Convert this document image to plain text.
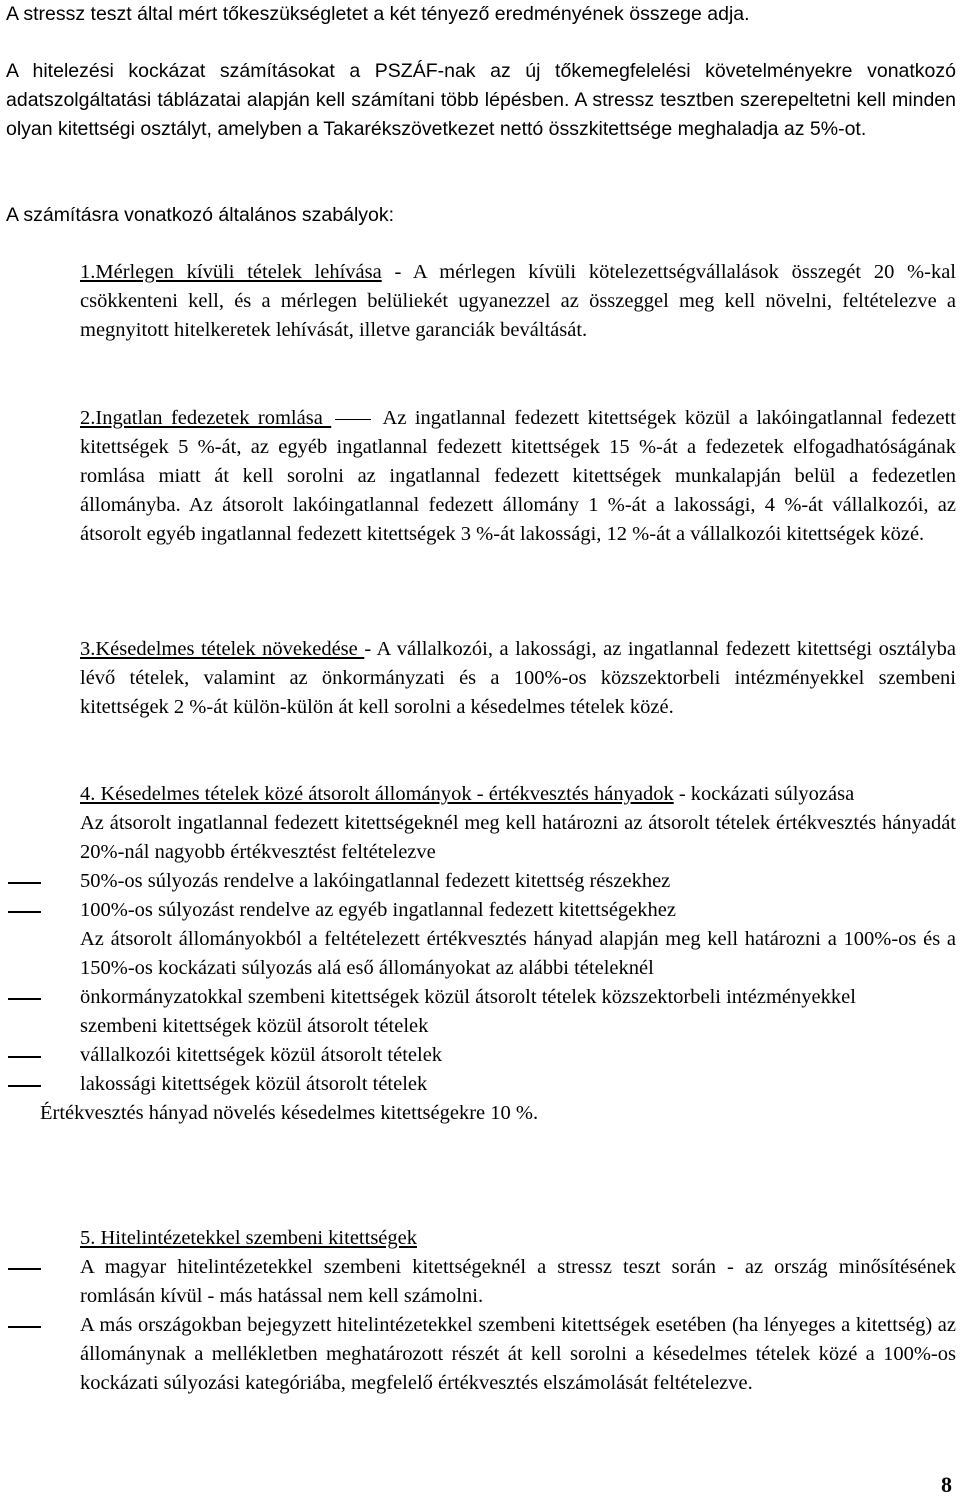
A stressz teszt által mért tőkeszükségletet a két tényező eredményének összege adja.

A hitelezési kockázat számításokat a PSZÁF-nak az új tőkemegfelelési követelményekre vonatkozó adatszolgáltatási táblázatai alapján kell számítani több lépésben. A stressz tesztben szerepeltetni kell minden olyan kitettségi osztályt, amelyben a Takarékszövetkezet nettó összkitettsége meghaladja az 5%-ot.

A számításra vonatkozó általános szabályok:

1.Mérlegen kívüli tételek lehívása - A mérlegen kívüli kötelezettségvállalások összegét 20 %-kal csökkenteni kell, és a mérlegen belüliekét ugyanezzel az összeggel meg kell növelni, feltételezve a megnyitott hitelkeretek lehívását, illetve garanciák beváltását.

2.Ingatlan fedezetek romlása  Az ingatlannal fedezett kitettségek közül a lakóingatlannal fedezett kitettségek 5 %-át, az egyéb ingatlannal fedezett kitettségek 15 %-át a fedezetek elfogadhatóságának romlása miatt át kell sorolni az ingatlannal fedezett kitettségek munkalapján belül a fedezetlen állományba. Az átsorolt lakóingatlannal fedezett állomány 1 %-át a lakossági, 4 %-át vállalkozói, az átsorolt egyéb ingatlannal fedezett kitettségek 3 %-át lakossági, 12 %-át a vállalkozói kitettségek közé.

3.Késedelmes tételek növekedése - A vállalkozói, a lakossági, az ingatlannal fedezett kitettségi osztályba lévő tételek, valamint az önkormányzati és a 100%-os közszektorbeli intézményekkel szembeni kitettségek 2 %-át külön-külön át kell sorolni a késedelmes tételek közé.

4. Késedelmes tételek közé átsorolt állományok - értékvesztés hányadok - kockázati súlyozása

Az átsorolt ingatlannal fedezett kitettségeknél meg kell határozni az átsorolt tételek értékvesztés hányadát 20%-nál nagyobb értékvesztést feltételezve

50%-os súlyozás rendelve a lakóingatlannal fedezett kitettség részekhez
100%-os súlyozást rendelve az egyéb ingatlannal fedezett kitettségekhez

Az átsorolt állományokból a feltételezett értékvesztés hányad alapján meg kell határozni a 100%-os és a 150%-os kockázati súlyozás alá eső állományokat az alábbi tételeknél

önkormányzatokkal szembeni kitettségek közül átsorolt tételek közszektorbeli intézményekkel szembeni kitettségek közül átsorolt tételek
vállalkozói kitettségek közül átsorolt tételek
lakossági kitettségek közül átsorolt tételek

Értékvesztés hányad növelés késedelmes kitettségekre 10 %.

5. Hitelintézetekkel szembeni kitettségek

A magyar hitelintézetekkel szembeni kitettségeknél a stressz teszt során - az ország minősítésének romlásán kívül - más hatással nem kell számolni.
A más országokban bejegyzett hitelintézetekkel szembeni kitettségek esetében (ha lényeges a kitettség) az állománynak a mellékletben meghatározott részét át kell sorolni a késedelmes tételek közé a 100%-os kockázati súlyozási kategóriába, megfelelő értékvesztés elszámolását feltételezve.
8
